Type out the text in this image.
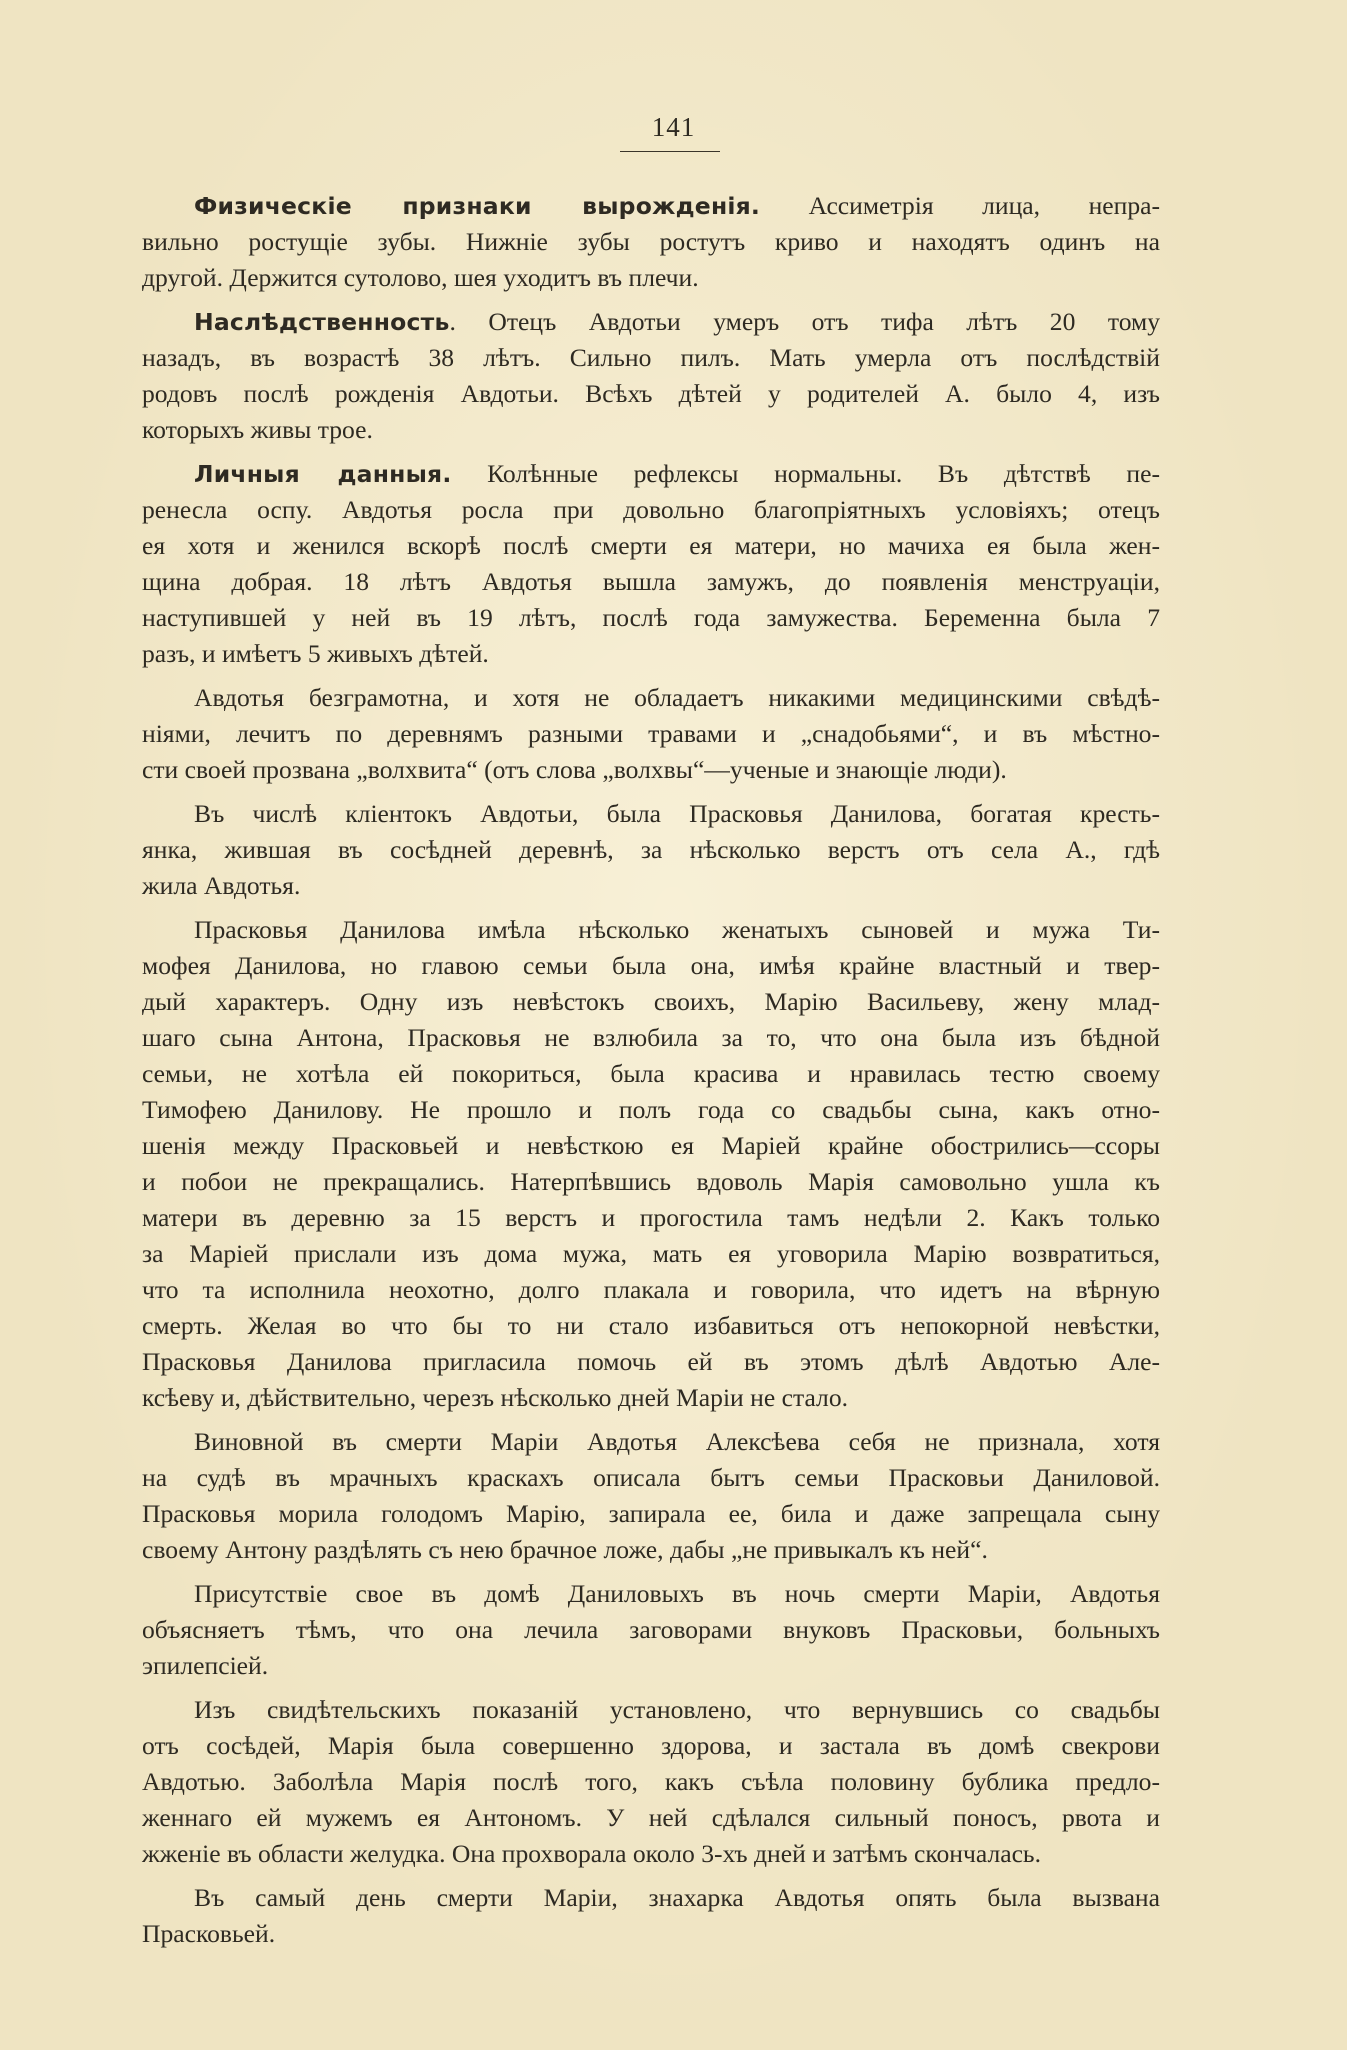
141
Физическіе признаки вырожденія. Ассиметрія лица, непра-
вильно ростущіе зубы. Нижніе зубы ростутъ криво и находятъ одинъ на
другой. Держится сутолово, шея уходитъ въ плечи.
Наслѣдственность. Отецъ Авдотьи умеръ отъ тифа лѣтъ 20 тому
назадъ, въ возрастѣ 38 лѣтъ. Сильно пилъ. Мать умерла отъ послѣдствій
родовъ послѣ рожденія Авдотьи. Всѣхъ дѣтей у родителей А. было 4, изъ
которыхъ живы трое.
Личныя данныя. Колѣнные рефлексы нормальны. Въ дѣтствѣ пе-
ренесла оспу. Авдотья росла при довольно благопріятныхъ условіяхъ; отецъ
ея хотя и женился вскорѣ послѣ смерти ея матери, но мачиха ея была жен-
щина добрая. 18 лѣтъ Авдотья вышла замужъ, до появленія менструаціи,
наступившей у ней въ 19 лѣтъ, послѣ года замужества. Беременна была 7
разъ, и имѣетъ 5 живыхъ дѣтей.
Авдотья безграмотна, и хотя не обладаетъ никакими медицинскими свѣдѣ-
ніями, лечитъ по деревнямъ разными травами и „снадобьями“, и въ мѣстно-
сти своей прозвана „волхвита“ (отъ слова „волхвы“—ученые и знающіе люди).
Въ числѣ кліентокъ Авдотьи, была Прасковья Данилова, богатая кресть-
янка, жившая въ сосѣдней деревнѣ, за нѣсколько верстъ отъ села А., гдѣ
жила Авдотья.
Прасковья Данилова имѣла нѣсколько женатыхъ сыновей и мужа Ти-
мофея Данилова, но главою семьи была она, имѣя крайне властный и твер-
дый характеръ. Одну изъ невѣстокъ своихъ, Марію Васильеву, жену млад-
шаго сына Антона, Прасковья не взлюбила за то, что она была изъ бѣдной
семьи, не хотѣла ей покориться, была красива и нравилась тестю своему
Тимофею Данилову. Не прошло и полъ года со свадьбы сына, какъ отно-
шенія между Прасковьей и невѣсткою ея Маріей крайне обострились—ссоры
и побои не прекращались. Натерпѣвшись вдоволь Марія самовольно ушла къ
матери въ деревню за 15 верстъ и прогостила тамъ недѣли 2. Какъ только
за Маріей прислали изъ дома мужа, мать ея уговорила Марію возвратиться,
что та исполнила неохотно, долго плакала и говорила, что идетъ на вѣрную
смерть. Желая во что бы то ни стало избавиться отъ непокорной невѣстки,
Прасковья Данилова пригласила помочь ей въ этомъ дѣлѣ Авдотью Але-
ксѣеву и, дѣйствительно, черезъ нѣсколько дней Маріи не стало.
Виновной въ смерти Маріи Авдотья Алексѣева себя не признала, хотя
на судѣ въ мрачныхъ краскахъ описала бытъ семьи Прасковьи Даниловой.
Прасковья морила голодомъ Марію, запирала ее, била и даже запрещала сыну
своему Антону раздѣлять съ нею брачное ложе, дабы „не привыкалъ къ ней“.
Присутствіе свое въ домѣ Даниловыхъ въ ночь смерти Маріи, Авдотья
объясняетъ тѣмъ, что она лечила заговорами внуковъ Прасковьи, больныхъ
эпилепсіей.
Изъ свидѣтельскихъ показаній установлено, что вернувшись со свадьбы
отъ сосѣдей, Марія была совершенно здорова, и застала въ домѣ свекрови
Авдотью. Заболѣла Марія послѣ того, какъ съѣла половину бублика предло-
женнаго ей мужемъ ея Антономъ. У ней сдѣлался сильный поносъ, рвота и
жженіе въ области желудка. Она прохворала около 3-хъ дней и затѣмъ скончалась.
Въ самый день смерти Маріи, знахарка Авдотья опять была вызвана
Прасковьей.
